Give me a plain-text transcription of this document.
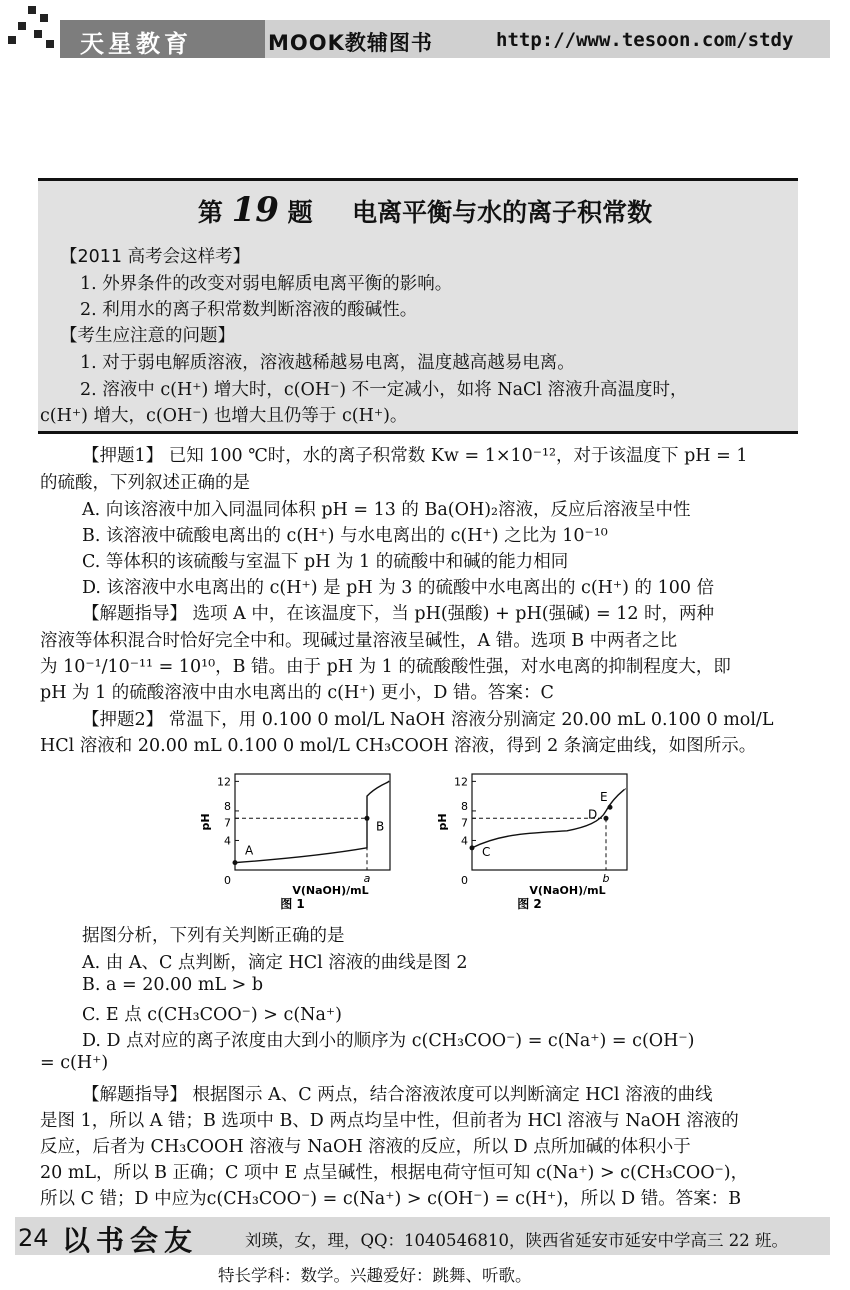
天星教育	MOOK教辅图书	http://www.tesoon.com/stdy
第 19 题 电离平衡与水的离子积常数
【2011 高考会这样考】
1. 外界条件的改变对弱电解质电离平衡的影响。
2. 利用水的离子积常数判断溶液的酸碱性。
【考生应注意的问题】
1. 对于弱电解质溶液，溶液越稀越易电离，温度越高越易电离。
2. 溶液中 c(H⁺) 增大时，c(OH⁻) 不一定减小，如将 NaCl 溶液升高温度时，
c(H⁺) 增大，c(OH⁻) 也增大且仍等于 c(H⁺)。
【押题1】 已知 100 ℃时，水的离子积常数 Kw = 1×10⁻¹²，对于该温度下 pH = 1
的硫酸，下列叙述正确的是
A. 向该溶液中加入同温同体积 pH = 13 的 Ba(OH)₂溶液，反应后溶液呈中性
B. 该溶液中硫酸电离出的 c(H⁺) 与水电离出的 c(H⁺) 之比为 10⁻¹⁰
C. 等体积的该硫酸与室温下 pH 为 1 的硫酸中和碱的能力相同
D. 该溶液中水电离出的 c(H⁺) 是 pH 为 3 的硫酸中水电离出的 c(H⁺) 的 100 倍
【解题指导】 选项 A 中，在该温度下，当 pH(强酸) + pH(强碱) = 12 时，两种
溶液等体积混合时恰好完全中和。现碱过量溶液呈碱性，A 错。选项 B 中两者之比
为 10⁻¹/10⁻¹¹ = 10¹⁰，B 错。由于 pH 为 1 的硫酸酸性强，对水电离的抑制程度大，即
pH 为 1 的硫酸溶液中由水电离出的 c(H⁺) 更小，D 错。答案：C
【押题2】 常温下，用 0.100 0 mol/L NaOH 溶液分别滴定 20.00 mL 0.100 0 mol/L
HCl 溶液和 20.00 mL 0.100 0 mol/L CH₃COOH 溶液，得到 2 条滴定曲线，如图所示。
4
7
8
12
0
pH
a
V(NaOH)/mL
图 1
A
B
4
7
8
12
0
pH
b
V(NaOH)/mL
图 2
C
D
E
据图分析，下列有关判断正确的是
A. 由 A、C 点判断，滴定 HCl 溶液的曲线是图 2
B. a = 20.00 mL > b
C. E 点 c(CH₃COO⁻) > c(Na⁺)
D. D 点对应的离子浓度由大到小的顺序为 c(CH₃COO⁻) = c(Na⁺) = c(OH⁻)
= c(H⁺)
【解题指导】 根据图示 A、C 两点，结合溶液浓度可以判断滴定 HCl 溶液的曲线
是图 1，所以 A 错；B 选项中 B、D 两点均呈中性，但前者为 HCl 溶液与 NaOH 溶液的
反应，后者为 CH₃COOH 溶液与 NaOH 溶液的反应，所以 D 点所加碱的体积小于
20 mL，所以 B 正确；C 项中 E 点呈碱性，根据电荷守恒可知 c(Na⁺) > c(CH₃COO⁻)，
所以 C 错；D 中应为c(CH₃COO⁻) = c(Na⁺) > c(OH⁻) = c(H⁺)，所以 D 错。答案：B
24 以书会友	刘瑛，女，理，QQ：1040546810，陕西省延安市延安中学高三 22 班。
特长学科：数学。兴趣爱好：跳舞、听歌。
